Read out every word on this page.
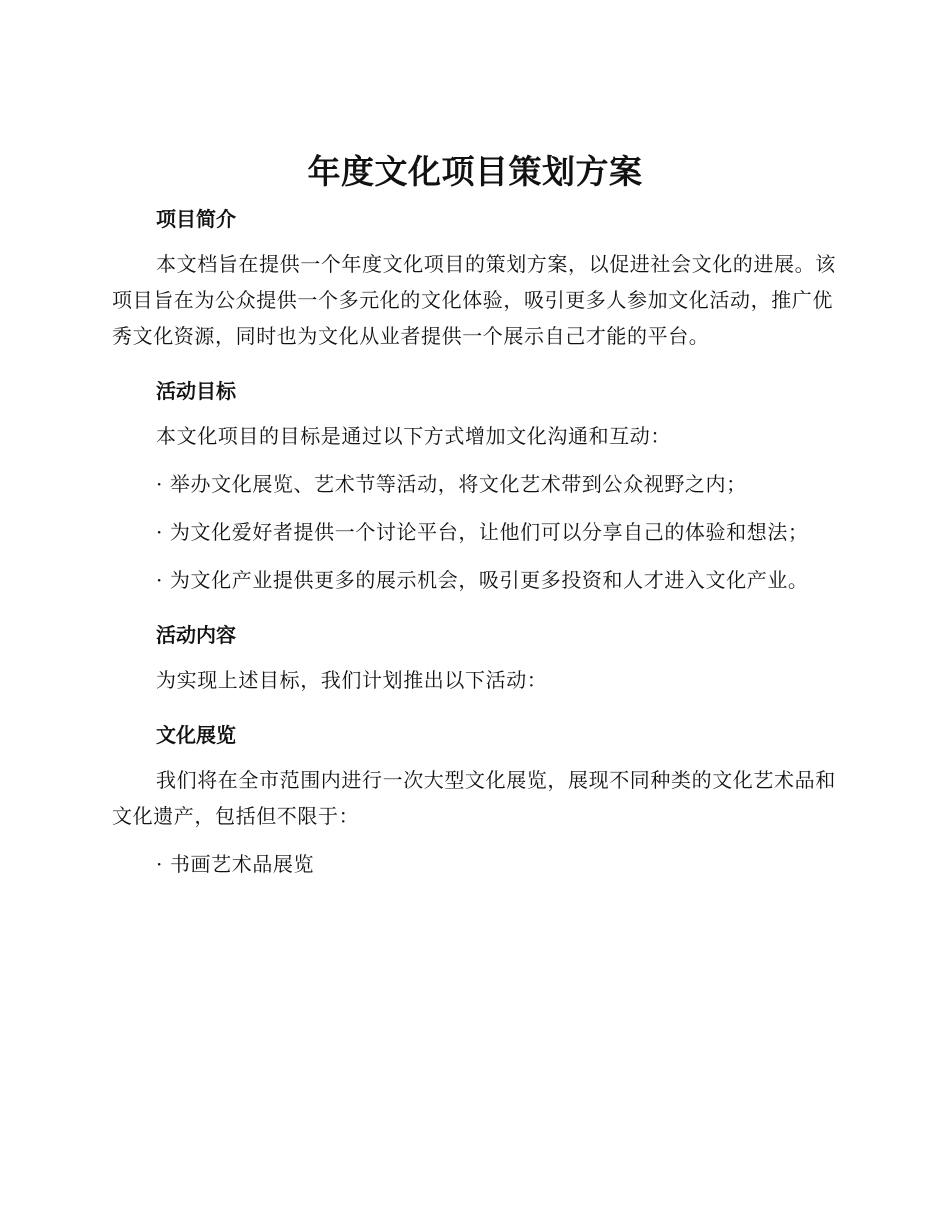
年度文化项目策划方案
项目简介

本文档旨在提供一个年度文化项目的策划方案，以促进社会文化的进展。该项目旨在为公众提供一个多元化的文化体验，吸引更多人参加文化活动，推广优秀文化资源，同时也为文化从业者提供一个展示自己才能的平台。

活动目标

本文化项目的目标是通过以下方式增加文化沟通和互动：

· 举办文化展览、艺术节等活动，将文化艺术带到公众视野之内；

· 为文化爱好者提供一个讨论平台，让他们可以分享自己的体验和想法；

· 为文化产业提供更多的展示机会，吸引更多投资和人才进入文化产业。

活动内容

为实现上述目标，我们计划推出以下活动：

文化展览

我们将在全市范围内进行一次大型文化展览，展现不同种类的文化艺术品和文化遗产，包括但不限于：

· 书画艺术品展览
